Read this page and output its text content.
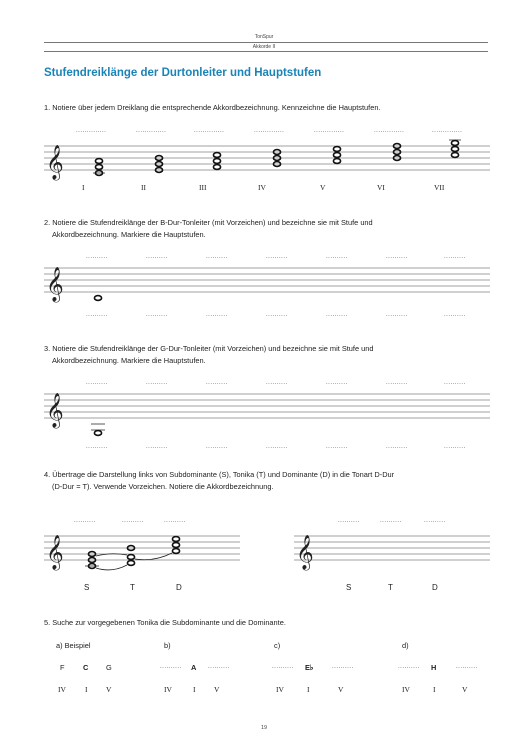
TonSpur
Akkorde II
Stufendreiklänge der Durtonleiter und Hauptstufen
1. Notiere über jedem Dreiklang die entsprechende Akkordbezeichnung. Kennzeichne die Hauptstufen.
..............	..............	..............	..............	..............	..............	..............
𝄞
I	II	III	IV	V	VI	VII
2. Notiere die Stufendreiklänge der B-Dur-Tonleiter (mit Vorzeichen) und bezeichne sie mit Stufe und
Akkordbezeichnung. Markiere die Hauptstufen.
..........	..........	..........	..........	..........	..........	..........
𝄞
..........	..........	..........	..........	..........	..........	..........
3. Notiere die Stufendreiklänge der G-Dur-Tonleiter (mit Vorzeichen) und bezeichne sie mit Stufe und
Akkordbezeichnung. Markiere die Hauptstufen.
..........	..........	..........	..........	..........	..........	..........
𝄞
..........	..........	..........	..........	..........	..........	..........
4. Übertrage die Darstellung links von Subdominante (S), Tonika (T) und Dominante (D) in die Tonart D-Dur
(D-Dur = T). Verwende Vorzeichen. Notiere die Akkordbezeichnung.
..........	..........	..........	..........	..........	..........
𝄞	𝄞
S	T	D	S	T	D
5. Suche zur vorgegebenen Tonika die Subdominante und die Dominante.
a) Beispiel	b)	c)	d)
F C G	.......... A ..........	.......... E♭	..........	.......... H	..........
IV	I V	IV	I V	IV	I	V	IV	I	V
19
